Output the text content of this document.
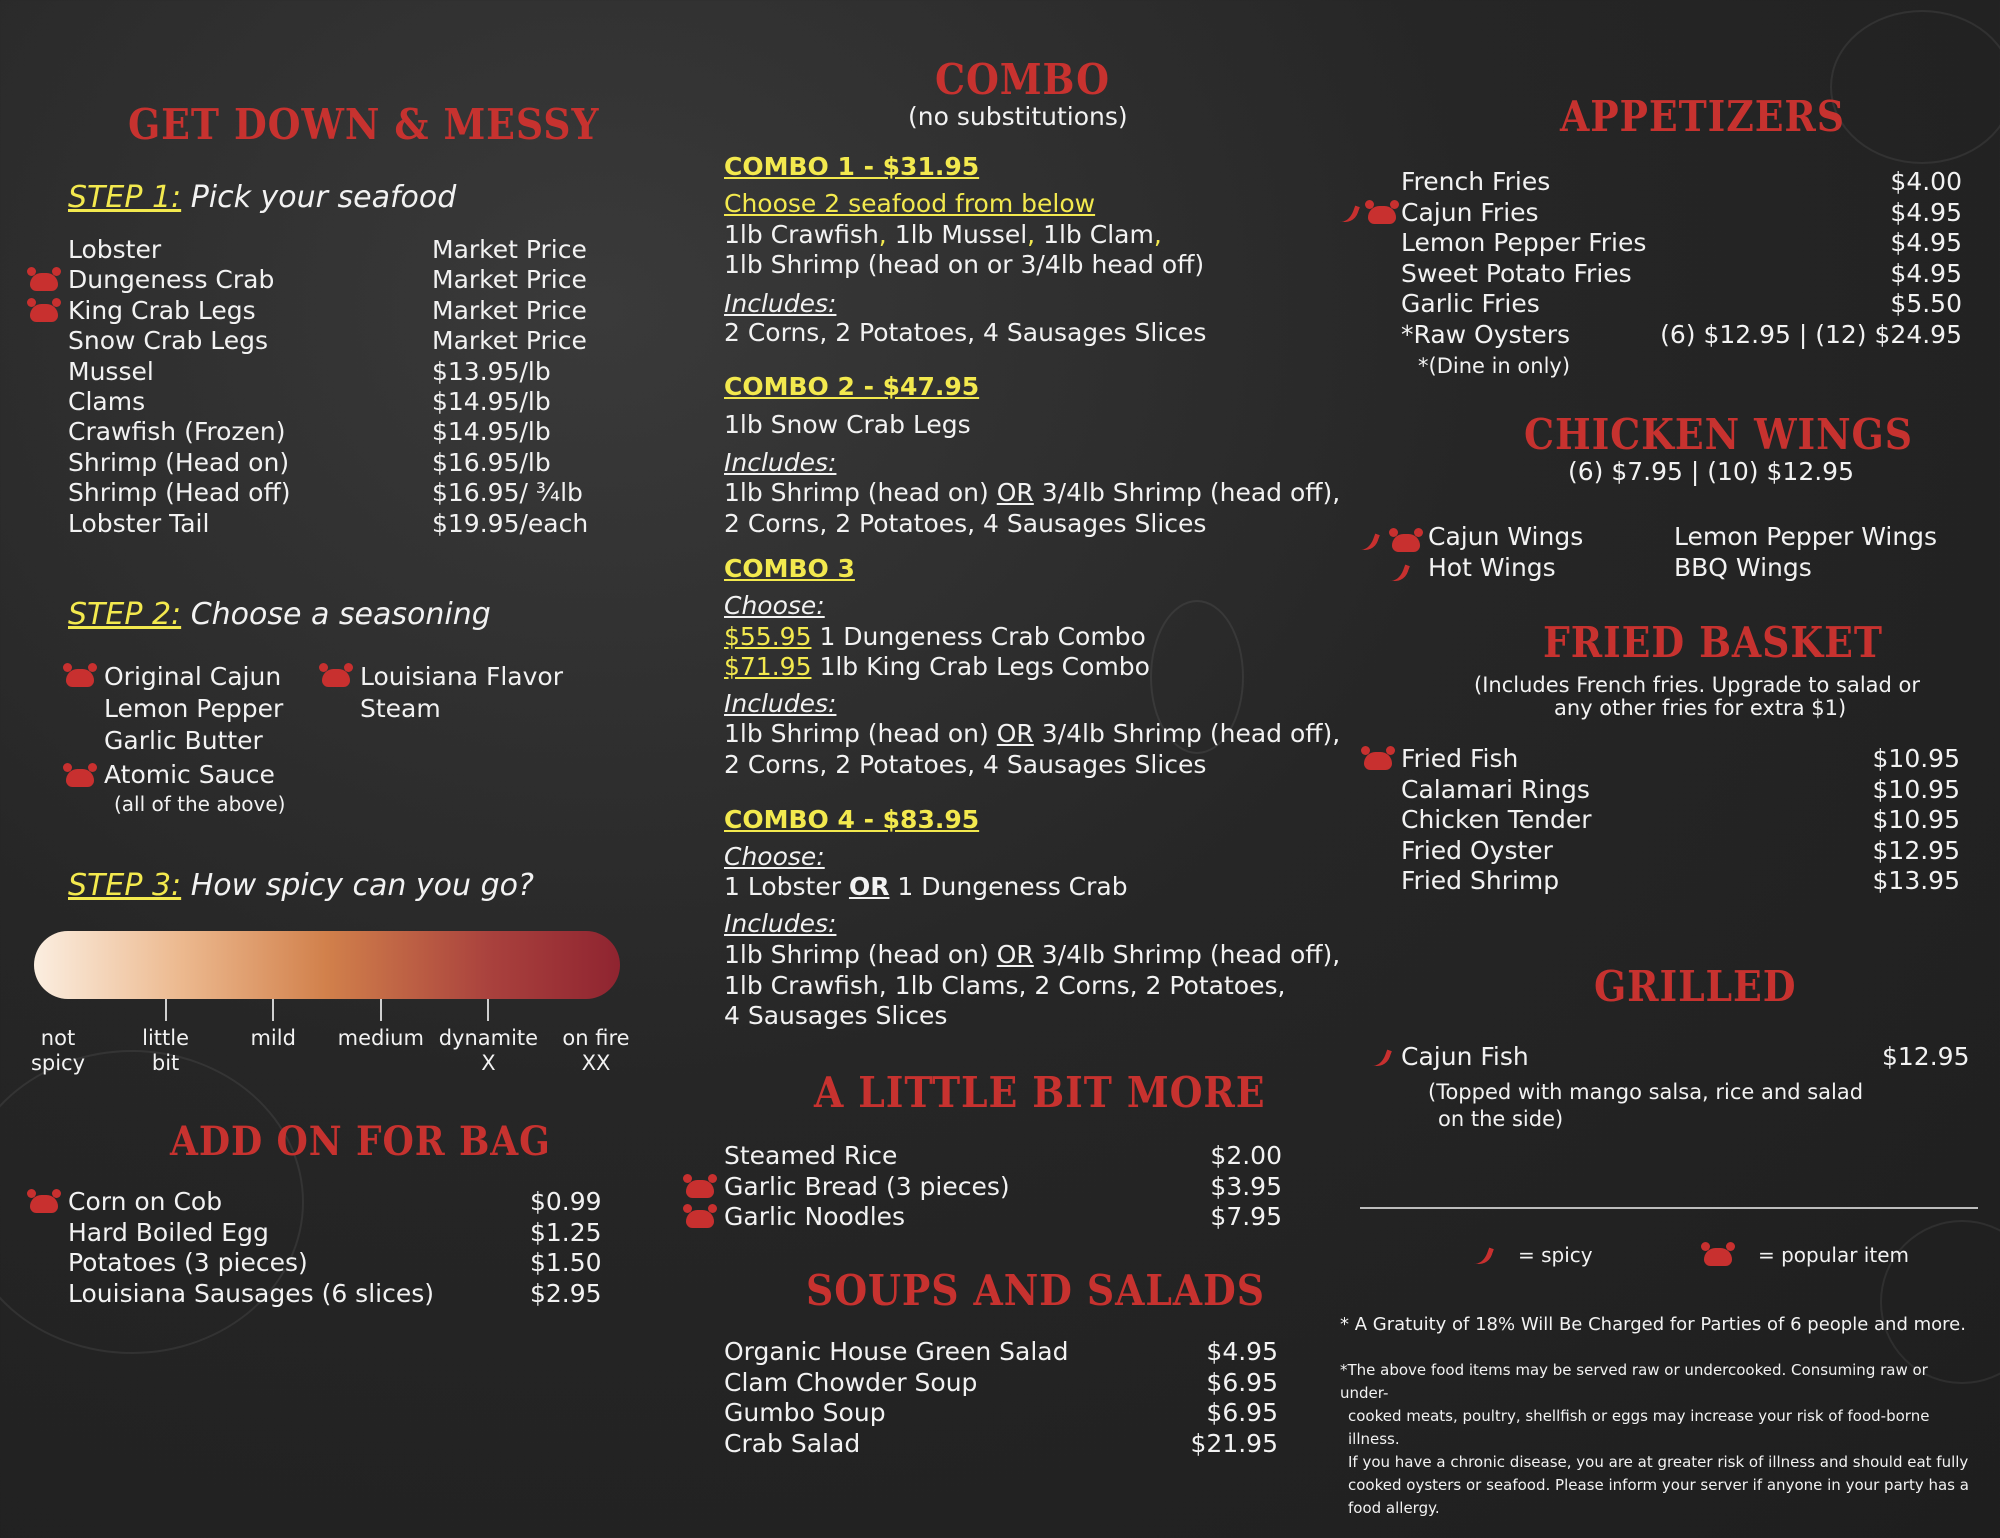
GET DOWN & MESSY
STEP 1: Pick your seafood
Lobster	Market Price
Dungeness Crab	Market Price
King Crab Legs	Market Price
Snow Crab Legs	Market Price
Mussel	$13.95/lb
Clams	$14.95/lb
Crawfish (Frozen)	$14.95/lb
Shrimp (Head on)	$16.95/lb
Shrimp (Head off)	$16.95/ ¾lb
Lobster Tail	$19.95/each
STEP 2: Choose a seasoning
Original Cajun
Lemon Pepper
Garlic Butter
Atomic Sauce
(all of the above)
Louisiana Flavor
Steam
STEP 3: How spicy can you go?
not
spicy
little
bit
mild	medium dynamite
X
on fire
XX
ADD ON FOR BAG
Corn on Cob	$0.99
Hard Boiled Egg	$1.25
Potatoes (3 pieces)	$1.50
Louisiana Sausages (6 slices)	$2.95
COMBO
(no substitutions)
COMBO 1 - $31.95
Choose 2 seafood from below
1lb Crawfish, 1lb Mussel, 1lb Clam,
1lb Shrimp (head on or 3/4lb head off)
Includes:
2 Corns, 2 Potatoes, 4 Sausages Slices
COMBO 2 - $47.95
1lb Snow Crab Legs
Includes:
1lb Shrimp (head on) OR 3/4lb Shrimp (head off),
2 Corns, 2 Potatoes, 4 Sausages Slices
COMBO 3
Choose:
$55.95 1 Dungeness Crab Combo
$71.95 1lb King Crab Legs Combo
Includes:
1lb Shrimp (head on) OR 3/4lb Shrimp (head off),
2 Corns, 2 Potatoes, 4 Sausages Slices
COMBO 4 - $83.95
Choose:
1 Lobster OR 1 Dungeness Crab
Includes:
1lb Shrimp (head on) OR 3/4lb Shrimp (head off),
1lb Crawfish, 1lb Clams, 2 Corns, 2 Potatoes,
4 Sausages Slices
A LITTLE BIT MORE
Steamed Rice	$2.00
Garlic Bread (3 pieces)	$3.95
Garlic Noodles	$7.95
SOUPS AND SALADS
Organic House Green Salad	$4.95
Clam Chowder Soup	$6.95
Gumbo Soup	$6.95
Crab Salad	$21.95
APPETIZERS
French Fries	$4.00
Cajun Fries	$4.95
Lemon Pepper Fries	$4.95
Sweet Potato Fries	$4.95
Garlic Fries	$5.50
*Raw Oysters	(6) $12.95 | (12) $24.95
*(Dine in only)
CHICKEN WINGS
(6) $7.95 | (10) $12.95
Cajun Wings
Hot Wings
Lemon Pepper Wings
BBQ Wings
FRIED BASKET
(Includes French fries. Upgrade to salad or
any other fries for extra $1)
Fried Fish	$10.95
Calamari Rings	$10.95
Chicken Tender	$10.95
Fried Oyster	$12.95
Fried Shrimp	$13.95
GRILLED
Cajun Fish	$12.95
(Topped with mango salsa, rice and salad
on the side)
= spicy	= popular item
* A Gratuity of 18% Will Be Charged for Parties of 6 people and more.
*The above food items may be served raw or undercooked. Consuming raw or under-
cooked meats, poultry, shellfish or eggs may increase your risk of food-borne illness.
If you have a chronic disease, you are at greater risk of illness and should eat fully
cooked oysters or seafood. Please inform your server if anyone in your party has a
food allergy.
